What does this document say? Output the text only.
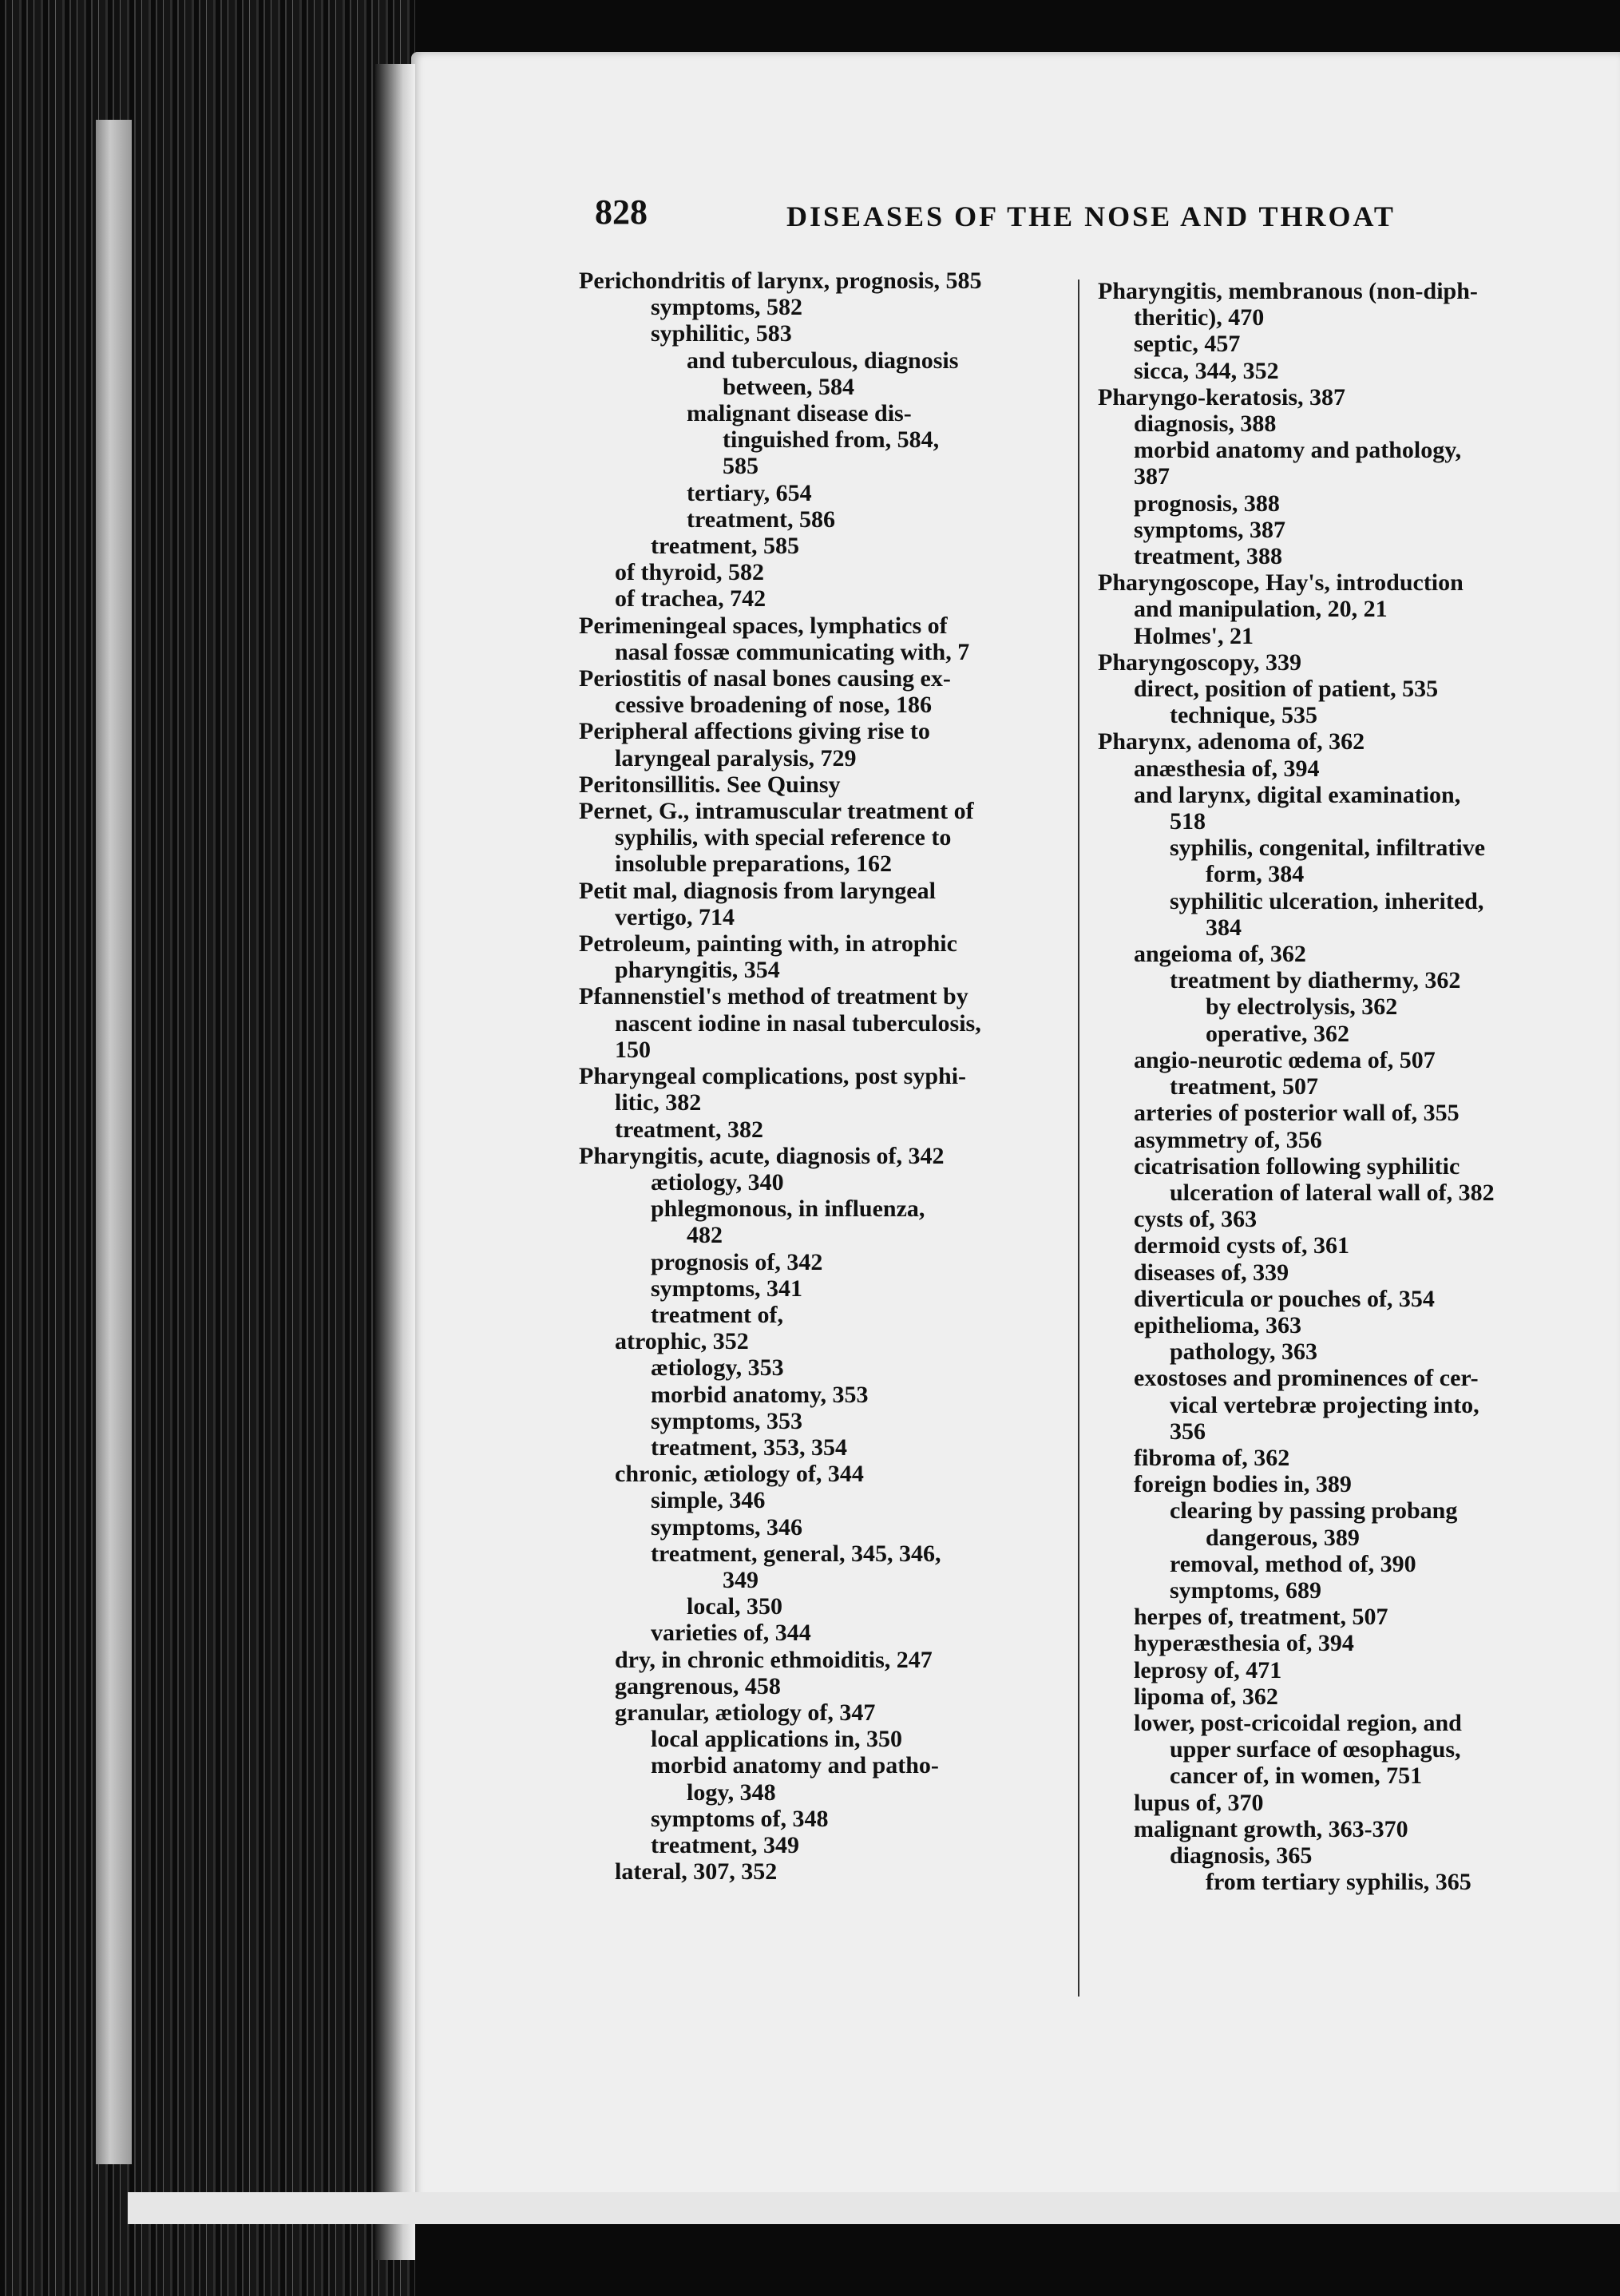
828	DISEASES OF THE NOSE AND THROAT
Perichondritis of larynx, prognosis, 585
symptoms, 582
syphilitic, 583
and tuberculous, diagnosis
between, 584
malignant disease dis-
tinguished from, 584,
585
tertiary, 654
treatment, 586
treatment, 585
of thyroid, 582
of trachea, 742
Perimeningeal spaces, lymphatics of
nasal fossæ communicating with, 7
Periostitis of nasal bones causing ex-
cessive broadening of nose, 186
Peripheral affections giving rise to
laryngeal paralysis, 729
Peritonsillitis. See Quinsy
Pernet, G., intramuscular treatment of
syphilis, with special reference to
insoluble preparations, 162
Petit mal, diagnosis from laryngeal
vertigo, 714
Petroleum, painting with, in atrophic
pharyngitis, 354
Pfannenstiel's method of treatment by
nascent iodine in nasal tuberculosis,
150
Pharyngeal complications, post syphi-
litic, 382
treatment, 382
Pharyngitis, acute, diagnosis of, 342
ætiology, 340
phlegmonous, in influenza,
482
prognosis of, 342
symptoms, 341
treatment of,
atrophic, 352
ætiology, 353
morbid anatomy, 353
symptoms, 353
treatment, 353, 354
chronic, ætiology of, 344
simple, 346
symptoms, 346
treatment, general, 345, 346,
349
local, 350
varieties of, 344
dry, in chronic ethmoiditis, 247
gangrenous, 458
granular, ætiology of, 347
local applications in, 350
morbid anatomy and patho-
logy, 348
symptoms of, 348
treatment, 349
lateral, 307, 352
Pharyngitis, membranous (non-diph-
theritic), 470
septic, 457
sicca, 344, 352
Pharyngo-keratosis, 387
diagnosis, 388
morbid anatomy and pathology,
387
prognosis, 388
symptoms, 387
treatment, 388
Pharyngoscope, Hay's, introduction
and manipulation, 20, 21
Holmes', 21
Pharyngoscopy, 339
direct, position of patient, 535
technique, 535
Pharynx, adenoma of, 362
anæsthesia of, 394
and larynx, digital examination,
518
syphilis, congenital, infiltrative
form, 384
syphilitic ulceration, inherited,
384
angeioma of, 362
treatment by diathermy, 362
by electrolysis, 362
operative, 362
angio-neurotic œdema of, 507
treatment, 507
arteries of posterior wall of, 355
asymmetry of, 356
cicatrisation following syphilitic
ulceration of lateral wall of, 382
cysts of, 363
dermoid cysts of, 361
diseases of, 339
diverticula or pouches of, 354
epithelioma, 363
pathology, 363
exostoses and prominences of cer-
vical vertebræ projecting into,
356
fibroma of, 362
foreign bodies in, 389
clearing by passing probang
dangerous, 389
removal, method of, 390
symptoms, 689
herpes of, treatment, 507
hyperæsthesia of, 394
leprosy of, 471
lipoma of, 362
lower, post-cricoidal region, and
upper surface of œsophagus,
cancer of, in women, 751
lupus of, 370
malignant growth, 363-370
diagnosis, 365
from tertiary syphilis, 365
